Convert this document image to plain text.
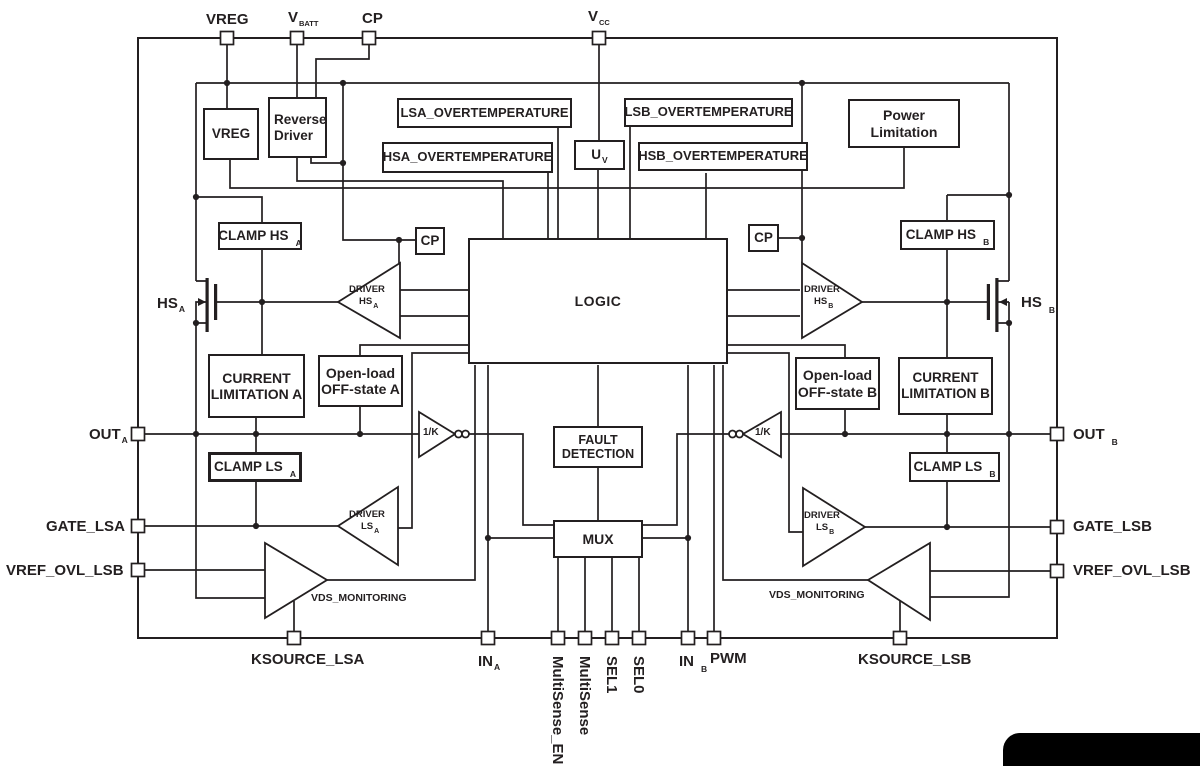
VREG
Reverse
Driver
LSA_OVERTEMPERATURE
HSA_OVERTEMPERATURE	U V
LSB_OVERTEMPERATURE
HSB_OVERTEMPERATURE
Power
Limitation
CLAMP HS A	CP
LOGIC
CP	CLAMP HS B
CURRENT
LIMITATION A
Open-load
OFF-state A
Open-load
OFF-state B
CURRENT
LIMITATION B
FAULT
DETECTION
CLAMP LS A	CLAMP LS B
MUX
DRIVER
$HS_A$
DRIVER
$HS_B$
DRIVER
$LS_A$
DRIVER
$LS_B$
1/K	1/K
VDS_MONITORING	VDS_MONITORING
$HS_A$	HS $_B$
VREG	$V_{BATT}$	CP	$V_{CC}$
$OUT_A$
GATE_LSA
VREF_OVL_LSB
OUT $_B$
GATE_LSB
VREF_OVL_LSB
KSOURCE_LSA	$IN_A$	MultiSense_EN MultiSense SEL1 SEL0 IN $_B$
PWM	KSOURCE_LSB
